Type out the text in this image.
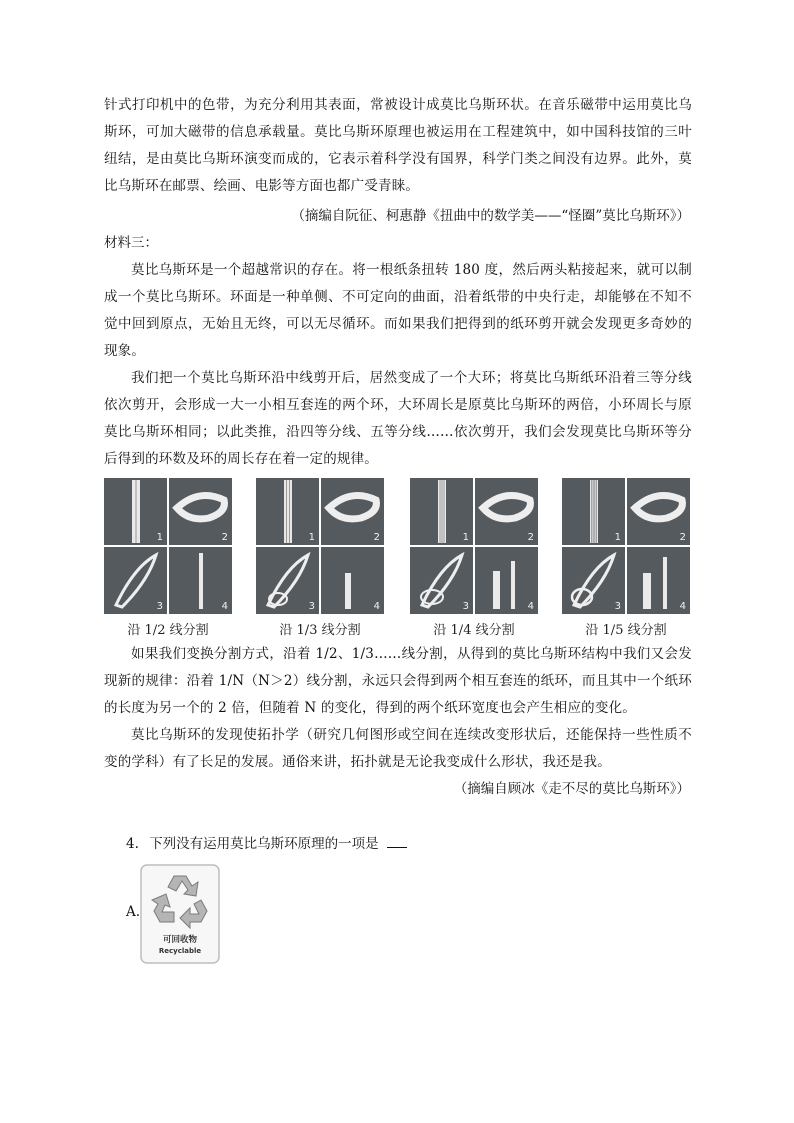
针式打印机中的色带，为充分利用其表面，常被设计成莫比乌斯环状。在音乐磁带中运用莫比乌斯环，可加大磁带的信息承载量。莫比乌斯环原理也被运用在工程建筑中，如中国科技馆的三叶纽结，是由莫比乌斯环演变而成的，它表示着科学没有国界，科学门类之间没有边界。此外，莫比乌斯环在邮票、绘画、电影等方面也都广受青睐。

（摘编自阮征、柯惠静《扭曲中的数学美——“怪圈”莫比乌斯环》）

材料三：

莫比乌斯环是一个超越常识的存在。将一根纸条扭转 180 度，然后两头粘接起来，就可以制成一个莫比乌斯环。环面是一种单侧、不可定向的曲面，沿着纸带的中央行走，却能够在不知不觉中回到原点，无始且无终，可以无尽循环。而如果我们把得到的纸环剪开就会发现更多奇妙的现象。

我们把一个莫比乌斯环沿中线剪开后，居然变成了一个大环；将莫比乌斯纸环沿着三等分线依次剪开，会形成一大一小相互套连的两个环，大环周长是原莫比乌斯环的两倍，小环周长与原莫比乌斯环相同；以此类推，沿四等分线、五等分线……依次剪开，我们会发现莫比乌斯环等分后得到的环数及环的周长存在着一定的规律。

1	2
3	4
沿 1/2 线分割
1	2
3	4
沿 1/3 线分割
1	2
3	4
沿 1/4 线分割
1	2
3	4
沿 1/5 线分割

如果我们变换分割方式，沿着 1/2、1/3……线分割，从得到的莫比乌斯环结构中我们又会发现新的规律：沿着 1/N（N＞2）线分割，永远只会得到两个相互套连的纸环，而且其中一个纸环的长度为另一个的 2 倍，但随着 N 的变化，得到的两个纸环宽度也会产生相应的变化。

莫比乌斯环的发现使拓扑学（研究几何图形或空间在连续改变形状后，还能保持一些性质不变的学科）有了长足的发展。通俗来讲，拓扑就是无论我变成什么形状，我还是我。

（摘编自顾冰《走不尽的莫比乌斯环》）

4. 下列没有运用莫比乌斯环原理的一项是

A.
可回收物
Recyclable
